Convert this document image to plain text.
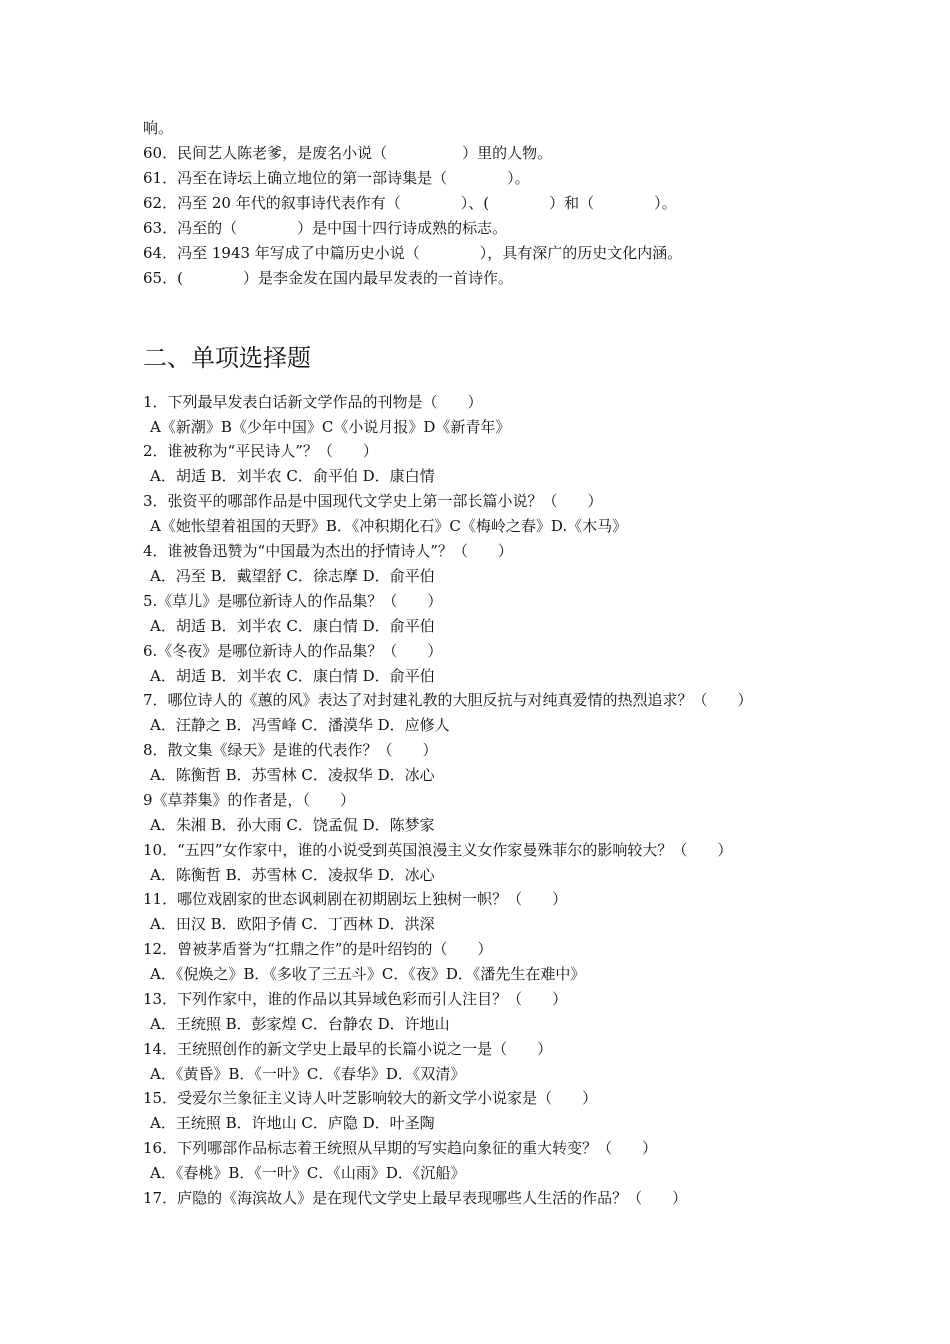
响。
60．民间艺人陈老爹，是废名小说（　　　　　）里的人物。
61．冯至在诗坛上确立地位的第一部诗集是（　　　　）。
62．冯至 20 年代的叙事诗代表作有（　　　　）、(　　　　）和（　　　　）。
63．冯至的（　　　　）是中国十四行诗成熟的标志。
64．冯至 1943 年写成了中篇历史小说（　　　　），具有深广的历史文化内涵。
65．(　　　　）是李金发在国内最早发表的一首诗作。
二、单项选择题
1．下列最早发表白话新文学作品的刊物是（　　）
A《新潮》B《少年中国》C《小说月报》D《新青年》
2．谁被称为“平民诗人”？（　　）
A．胡适 B．刘半农 C．俞平伯 D．康白情
3．张资平的哪部作品是中国现代文学史上第一部长篇小说？（　　）
A《她怅望着祖国的天野》B．《冲积期化石》C《梅岭之春》D.《木马》
4．谁被鲁迅赞为“中国最为杰出的抒情诗人”？（　　）
A．冯至 B．戴望舒 C．徐志摩 D．俞平伯
5.《草儿》是哪位新诗人的作品集？（　　）
A．胡适 B．刘半农 C．康白情 D．俞平伯
6.《冬夜》是哪位新诗人的作品集？（　　）
A．胡适 B．刘半农 C．康白情 D．俞平伯
7．哪位诗人的《蕙的风》表达了对封建礼教的大胆反抗与对纯真爱情的热烈追求？（　　）
A．汪静之 B．冯雪峰 C．潘漠华 D．应修人
8．散文集《绿天》是谁的代表作？（　　）
A．陈衡哲 B．苏雪林 C．凌叔华 D．冰心
9《草莽集》的作者是，（　　）
A．朱湘 B．孙大雨 C．饶孟侃 D．陈梦家
10．“五四”女作家中，谁的小说受到英国浪漫主义女作家曼殊菲尔的影响较大？（　　）
A．陈衡哲 B．苏雪林 C．凌叔华 D．冰心
11．哪位戏剧家的世态讽刺剧在初期剧坛上独树一帜？（　　）
A．田汉 B．欧阳予倩 C．丁西林 D．洪深
12．曾被茅盾誉为“扛鼎之作”的是叶绍钧的（　　）
A．《倪焕之》B．《多收了三五斗》C．《夜》D．《潘先生在难中》
13．下列作家中，谁的作品以其异域色彩而引人注目？（　　）
A．王统照 B．彭家煌 C．台静农 D．许地山
14．王统照创作的新文学史上最早的长篇小说之一是（　　）
A．《黄昏》B．《一叶》C．《春华》D．《双清》
15．受爱尔兰象征主义诗人叶芝影响较大的新文学小说家是（　　）
A．王统照 B．许地山 C．庐隐 D．叶圣陶
16．下列哪部作品标志着王统照从早期的写实趋向象征的重大转变？（　　）
A．《春桃》B．《一叶》C．《山雨》D．《沉船》
17．庐隐的《海滨故人》是在现代文学史上最早表现哪些人生活的作品？（　　）
